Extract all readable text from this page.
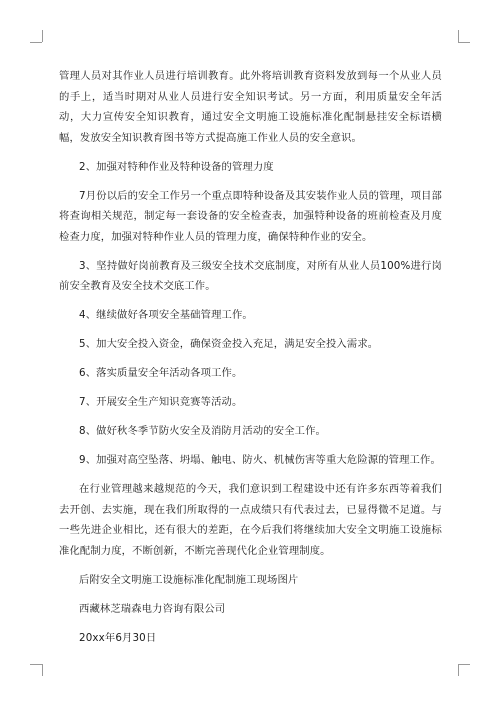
管理人员对其作业人员进行培训教育。此外将培训教育资料发放到每一个从业人员的手上，适当时期对从业人员进行安全知识考试。另一方面，利用质量安全年活动，大力宣传安全知识教育，通过安全文明施工设施标准化配制悬挂安全标语横幅，发放安全知识教育图书等方式提高施工作业人员的安全意识。

2、加强对特种作业及特种设备的管理力度

7月份以后的安全工作另一个重点即特种设备及其安装作业人员的管理，项目部将查询相关规范，制定每一套设备的安全检查表，加强特种设备的班前检查及月度检查力度，加强对特种作业人员的管理力度，确保特种作业的安全。

3、坚持做好岗前教育及三级安全技术交底制度，对所有从业人员100%进行岗前安全教育及安全技术交底工作。

4、继续做好各项安全基础管理工作。

5、加大安全投入资金，确保资金投入充足，满足安全投入需求。

6、落实质量安全年活动各项工作。

7、开展安全生产知识竞赛等活动。

8、做好秋冬季节防火安全及消防月活动的安全工作。

9、加强对高空坠落、坍塌、触电、防火、机械伤害等重大危险源的管理工作。

在行业管理越来越规范的今天，我们意识到工程建设中还有许多东西等着我们去开创、去实施，现在我们所取得的一点成绩只有代表过去，已显得微不足道。与一些先进企业相比，还有很大的差距，在今后我们将继续加大安全文明施工设施标准化配制力度，不断创新，不断完善现代化企业管理制度。

后附安全文明施工设施标准化配制施工现场图片

西藏林芝瑞森电力咨询有限公司

20xx年6月30日
